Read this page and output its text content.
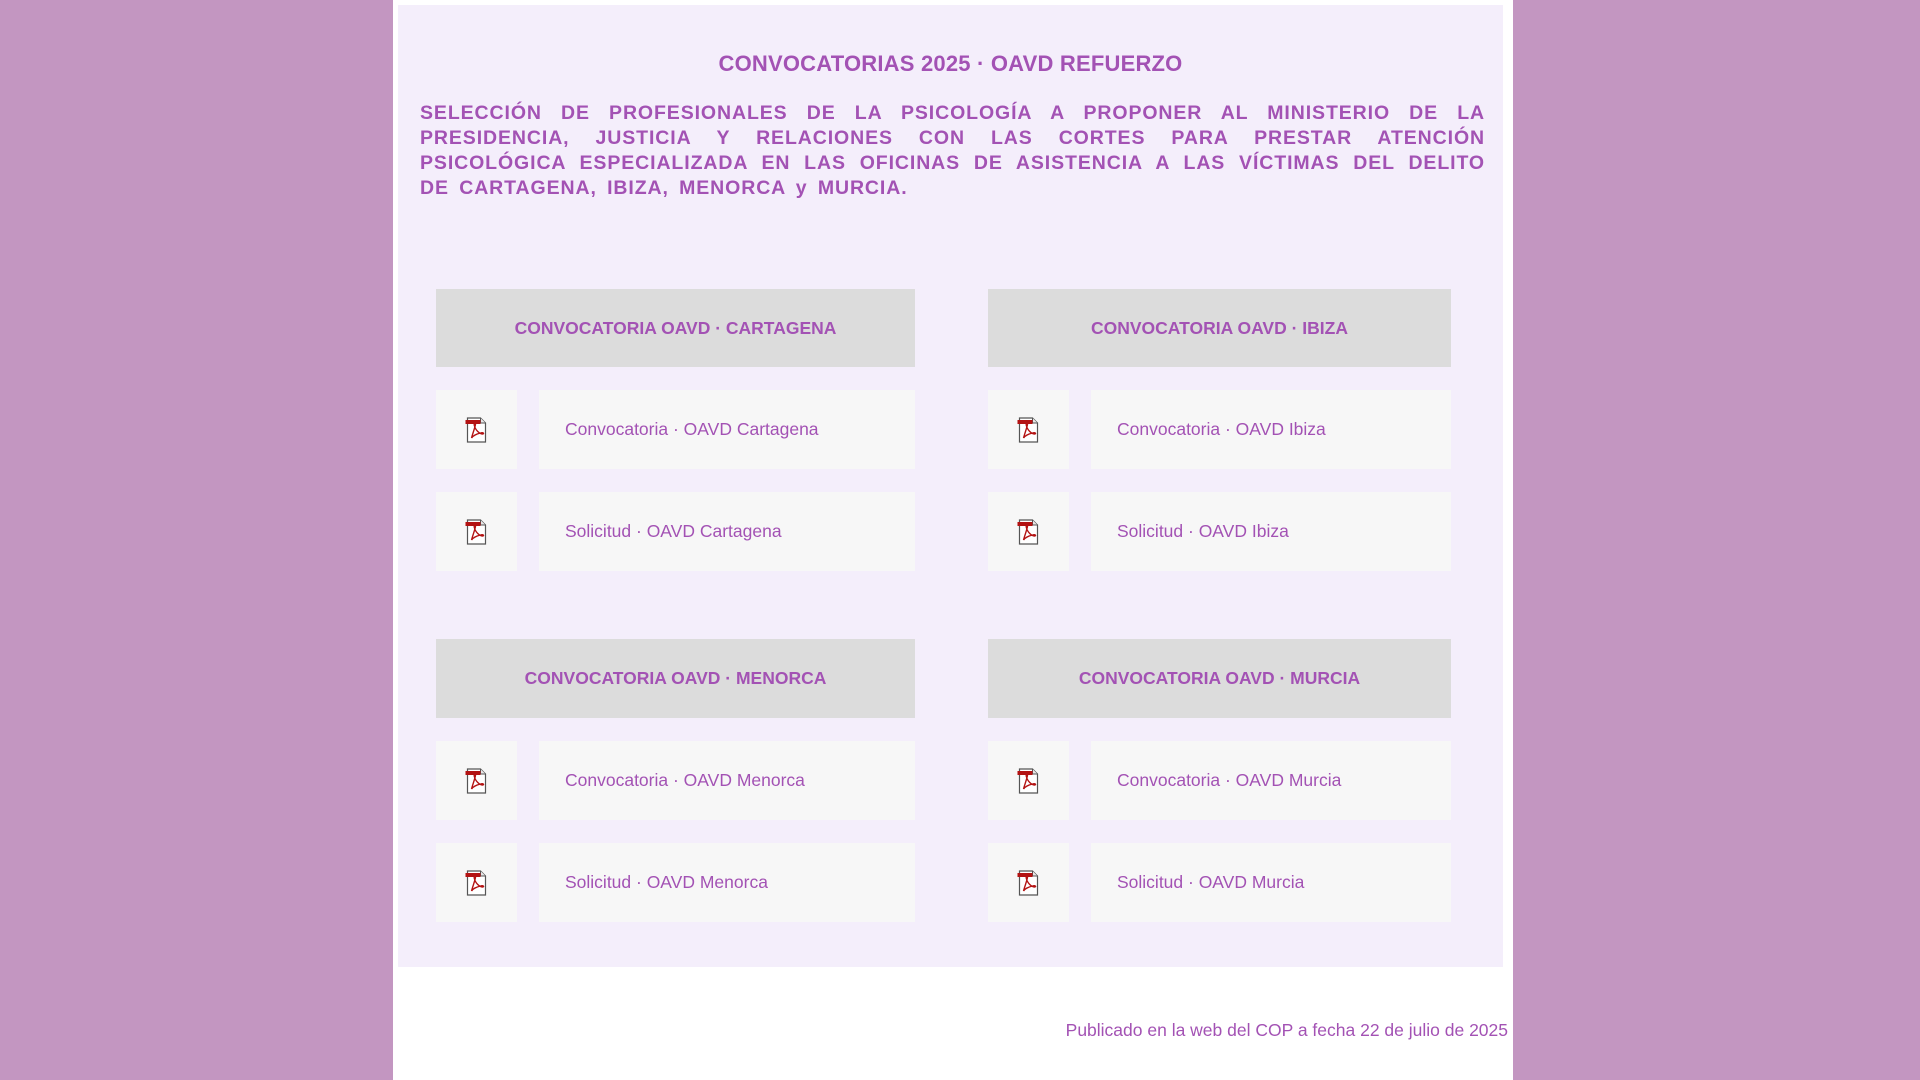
CONVOCATORIAS 2025 · OAVD REFUERZO
SELECCIÓN DE PROFESIONALES DE LA PSICOLOGÍA A PROPONER AL MINISTERIO DE LA PRESIDENCIA, JUSTICIA Y RELACIONES CON LAS CORTES PARA PRESTAR ATENCIÓN PSICOLÓGICA ESPECIALIZADA EN LAS OFICINAS DE ASISTENCIA A LAS VÍCTIMAS DEL DELITO DE CARTAGENA, IBIZA, MENORCA y MURCIA.
CONVOCATORIA OAVD · CARTAGENA
Convocatoria · OAVD Cartagena
Solicitud · OAVD Cartagena
CONVOCATORIA OAVD · IBIZA
Convocatoria · OAVD Ibiza
Solicitud · OAVD Ibiza
CONVOCATORIA OAVD · MENORCA
Convocatoria · OAVD Menorca
Solicitud · OAVD Menorca
CONVOCATORIA OAVD · MURCIA
Convocatoria · OAVD Murcia
Solicitud · OAVD Murcia
Publicado en la web del COP a fecha 22 de julio de 2025
